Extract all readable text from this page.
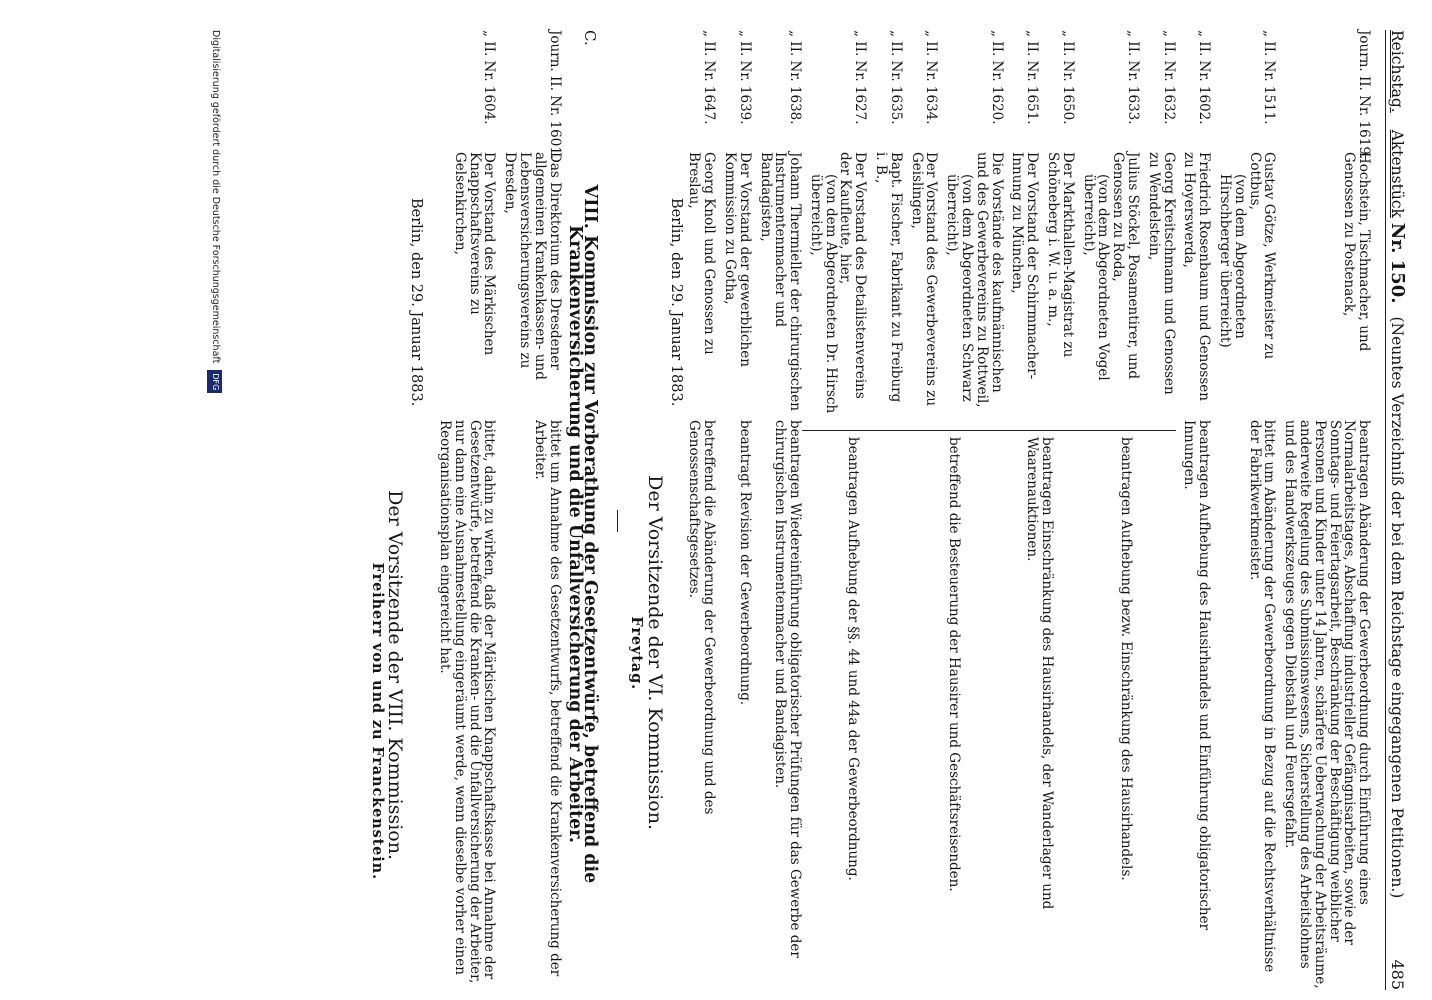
Reichstag. Aktenstück Nr. 150. (Neuntes Verzeichniß der bei dem Reichstage eingegangenen Petitionen.)
485
Journ. II. Nr. 1619.
Hochstein, Tischmacher, und Genossen zu Postenack,
beantragen Abänderung der Gewerbeordnung durch Einführung eines Normalarbeitstages, Abschaffung industrieller Gefängnisarbeiten, sowie der Sonntags- und Feiertagsarbeit, Beschränkung der Beschäftigung weiblicher Personen und Kinder unter 14 Jahren, schärfere Ueberwachung der Arbeitsräume, anderweite Regelung des Submissionswesens, Sicherstellung des Arbeitslohnes und des Handwerkszeuges gegen Diebstahl und Feuersgefahr.
„ II. Nr. 1511.
Gustav Götze, Werkmeister zu Cottbus,
(von dem Abgeordneten Hirschberger überreicht)
bittet um Abänderung der Gewerbeordnung in Bezug auf die Rechtsverhältnisse der Fabrikwerkmeister.
„ II. Nr. 1602.
Friedrich Rosenbaum und Genossen zu Hoyerswerda,
beantragen Aufhebung des Hausirhandels und Einführung obligatorischer Innungen.
„ II. Nr. 1632.
Georg Kreitschmann und Genossen zu Wendelstein,
„ II. Nr. 1633.
Julius Stöckel, Posamentirer, und Genossen zu Roda,
(von dem Abgeordneten Vogel überreicht),
beantragen Aufhebung bezw. Einschränkung des Hausirhandels.
„ II. Nr. 1650.
Der Markthallen-Magistrat zu Schöneberg i. W. u. a. m.,
„ II. Nr. 1651.
Der Vorstand der Schirmmacher-Innung zu München,
beantragen Einschränkung des Hausirhandels, der Wanderlager und Waarenauktionen.
„ II. Nr. 1620.
Die Vorstände des kaufmännischen und des Gewerbevereins zu Rottweil,
(von dem Abgeordneten Schwarz überreicht),
„ II. Nr. 1634.
Der Vorstand des Gewerbevereins zu Geislingen,
betreffend die Besteuerung der Hausirer und Geschäftsreisenden.
„ II. Nr. 1635.
Bapt. Fischer, Fabrikant zu Freiburg i. B.,
„ II. Nr. 1627.
Der Vorstand des Detailistenvereins der Kaufleute, hier,
(von dem Abgeordneten Dr. Hirsch überreicht),
beantragen Aufhebung der §§. 44 und 44a der Gewerbeordnung.
„ II. Nr. 1638.
Johann Thermieller der chirurgischen Instrumentenmacher und Bandagisten,
beantragen Wiedereinführung obligatorischer Prüfungen für das Gewerbe der chirurgischen Instrumentenmacher und Bandagisten.
„ II. Nr. 1639.
Der Vorstand der gewerblichen Kommission zu Gotha,
beantragt Revision der Gewerbeordnung.
„ II. Nr. 1647.
Georg Knoll und Genossen zu Breslau,
betreffend die Abänderung der Gewerbeordnung und des Genossenschaftsgesetzes.
Berlin, den 29. Januar 1883.
Der Vorsitzende der VI. Kommission.
Freytag.
C.
VIII. Kommission zur Vorberathung der Gesetzentwürfe, betreffend die Krankenversicherung und die Unfallversicherung der Arbeiter.
Journ. II. Nr. 1601.
Das Direktorium des Dresdener allgemeinen Krankenkassen- und Lebensversicherungsvereins zu Dresden,
bittet um Annahme des Gesetzentwurfs, betreffend die Krankenversicherung der Arbeiter.
„ II. Nr. 1604.
Der Vorstand des Märkischen Knappschaftsvereins zu Gelsenkirchen,
bittet, dahin zu wirken, daß der Märkischen Knappschaftskasse bei Annahme der Gesetzentwürfe, betreffend die Kranken- und die Unfallversicherung der Arbeiter, nur dann eine Ausnahmestellung eingeräumt werde, wenn dieselbe vorher einen Reorganisationsplan eingereicht hat.
Berlin, den 29. Januar 1883.
Der Vorsitzende der VIII. Kommission.
Freiherr von und zu Franckenstein.
Digitalisierung gefördert durch die Deutsche Forschungsgemeinschaft DFG
